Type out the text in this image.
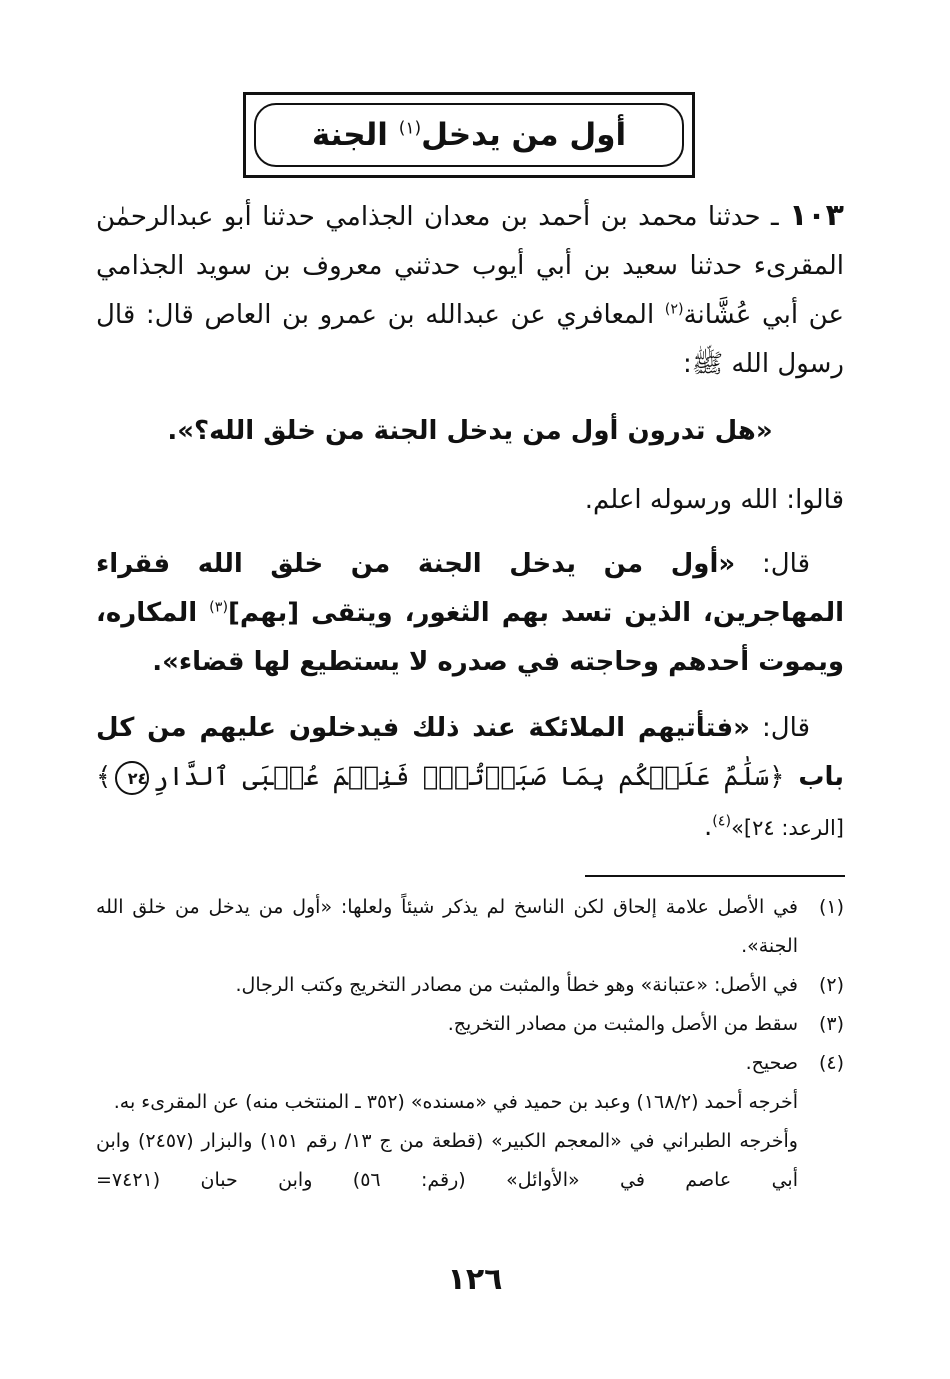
أول من يدخل$^{(١)}$ الجنة
١٠٣ ـ حدثنا محمد بن أحمد بن معدان الجذامي حدثنا أبو عبدالرحمٰن المقرىء حدثنا سعيد بن أبي أيوب حدثني معروف بن سويد الجذامي عن أبي عُشَّانة$^{(٢)}$ المعافري عن عبدالله بن عمرو بن العاص قال: قال رسول الله ﷺ:
«هل تدرون أول من يدخل الجنة من خلق الله؟».
قالوا: الله ورسوله اعلم.
قال: «أول من يدخل الجنة من خلق الله فقراء المهاجرين، الذين تسد بهم الثغور، ويتقى [بهم]$^{(٣)}$ المكاره، ويموت أحدهم وحاجته في صدره لا يستطيع لها قضاء».
قال: «فتأتيهم الملائكة عند ذلك فيدخلون عليهم من كل باب ﴿سَلَٰمٌ عَلَيۡكُم بِمَا صَبَرۡتُمۡۚ فَنِعۡمَ عُقۡبَى ٱلدَّارِ٢٤﴾ [الرعد: ٢٤]»$^{(٤)}$.
(١)
في الأصل علامة إلحاق لكن الناسخ لم يذكر شيئاً ولعلها: «أول من يدخل من خلق الله الجنة».
(٢)
في الأصل: «عتبانة» وهو خطأ والمثبت من مصادر التخريج وكتب الرجال.
(٣)
سقط من الأصل والمثبت من مصادر التخريج.
(٤)
صحيح.
أخرجه أحمد (١٦٨/٢) وعبد بن حميد في «مسنده» (٣٥٢ ـ المنتخب منه) عن المقرىء به.
وأخرجه الطبراني في «المعجم الكبير» (قطعة من ج ١٣/ رقم ١٥١) والبزار (٢٤٥٧) وابن أبي عاصم في «الأوائل» (رقم: ٥٦) وابن حبان (٧٤٢١=
١٢٦
